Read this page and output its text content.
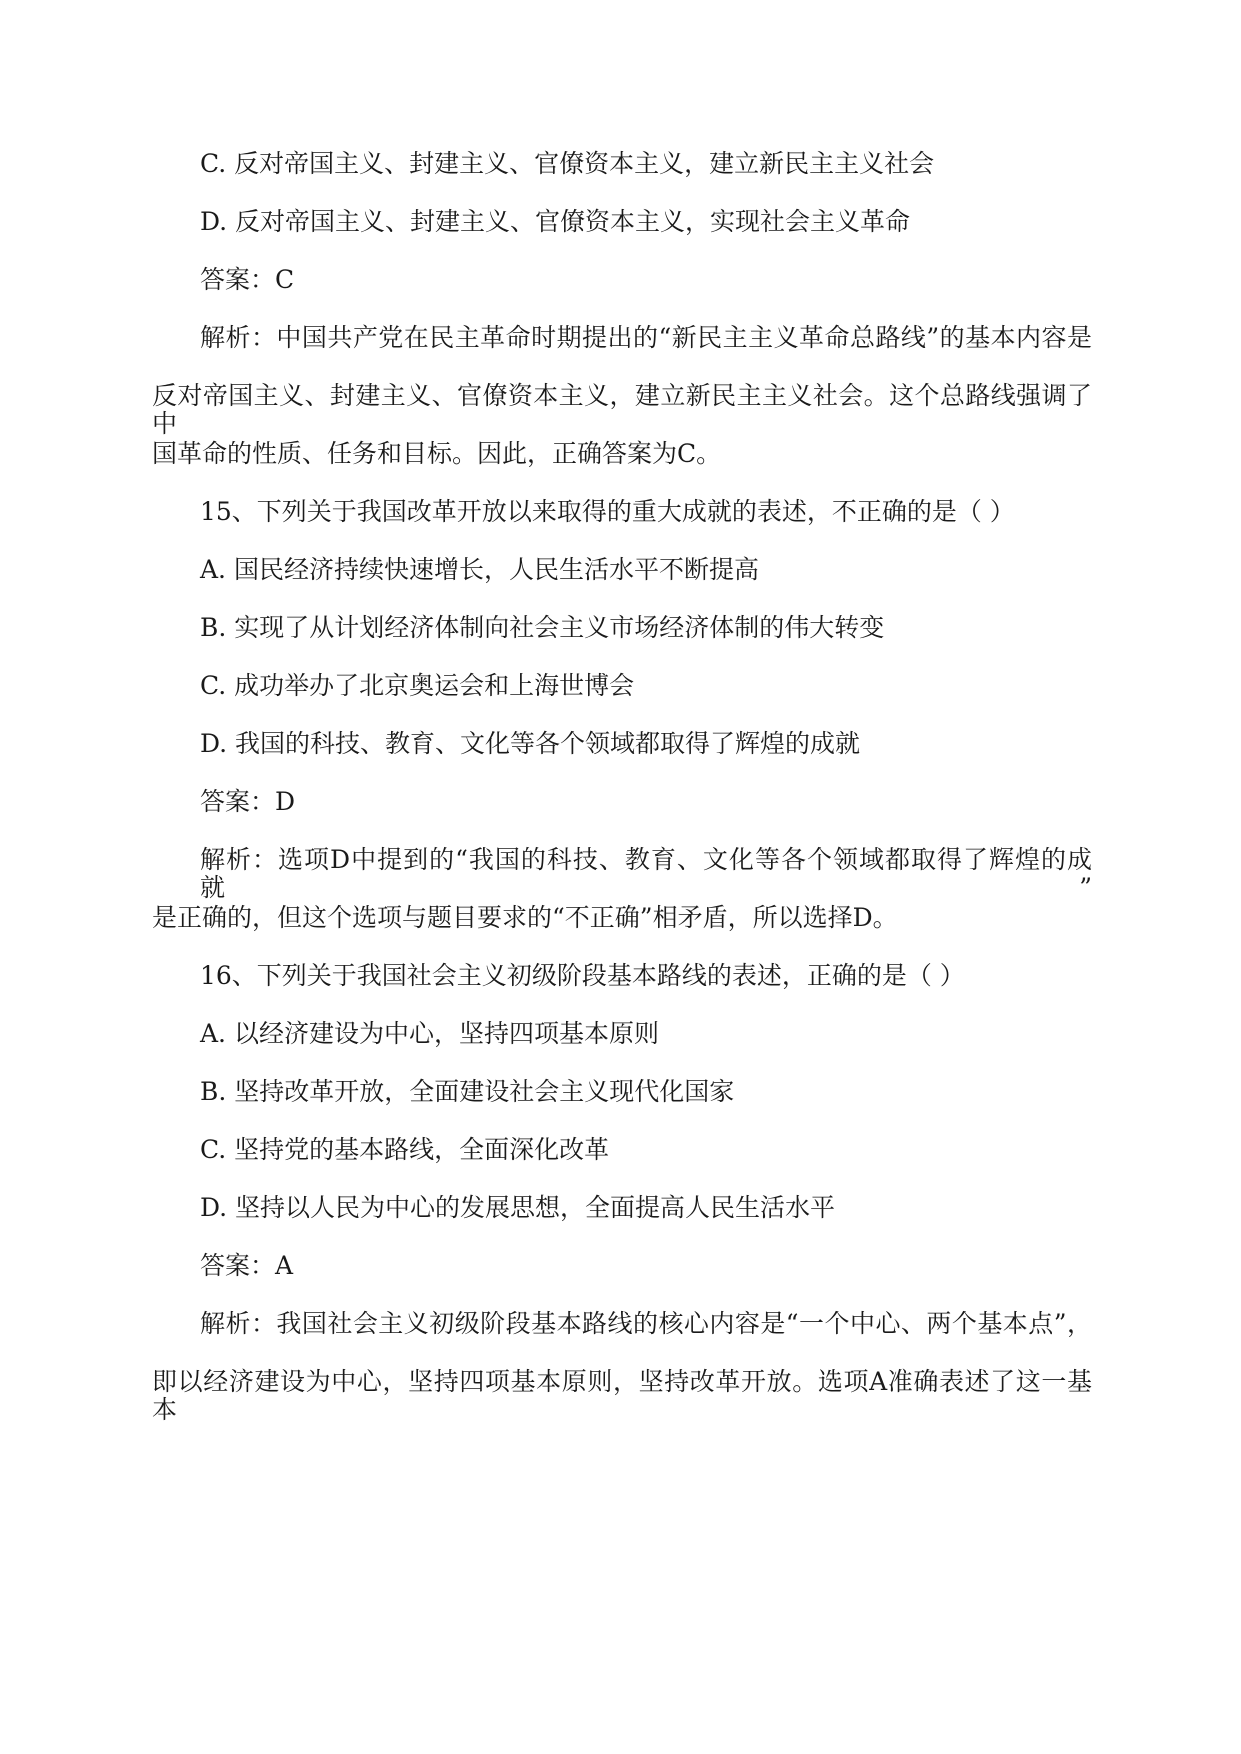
C. 反对帝国主义、封建主义、官僚资本主义，建立新民主主义社会
D. 反对帝国主义、封建主义、官僚资本主义，实现社会主义革命
答案：C
解析：中国共产党在民主革命时期提出的“新民主主义革命总路线”的基本内容是
反对帝国主义、封建主义、官僚资本主义，建立新民主主义社会。这个总路线强调了中
国革命的性质、任务和目标。因此，正确答案为C。
15、下列关于我国改革开放以来取得的重大成就的表述，不正确的是（ ）
A. 国民经济持续快速增长，人民生活水平不断提高
B. 实现了从计划经济体制向社会主义市场经济体制的伟大转变
C. 成功举办了北京奥运会和上海世博会
D. 我国的科技、教育、文化等各个领域都取得了辉煌的成就
答案：D
解析：选项D中提到的“我国的科技、教育、文化等各个领域都取得了辉煌的成就”
是正确的，但这个选项与题目要求的“不正确”相矛盾，所以选择D。
16、下列关于我国社会主义初级阶段基本路线的表述，正确的是（ ）
A. 以经济建设为中心，坚持四项基本原则
B. 坚持改革开放，全面建设社会主义现代化国家
C. 坚持党的基本路线，全面深化改革
D. 坚持以人民为中心的发展思想，全面提高人民生活水平
答案：A
解析：我国社会主义初级阶段基本路线的核心内容是“一个中心、两个基本点”，
即以经济建设为中心，坚持四项基本原则，坚持改革开放。选项A准确表述了这一基本
